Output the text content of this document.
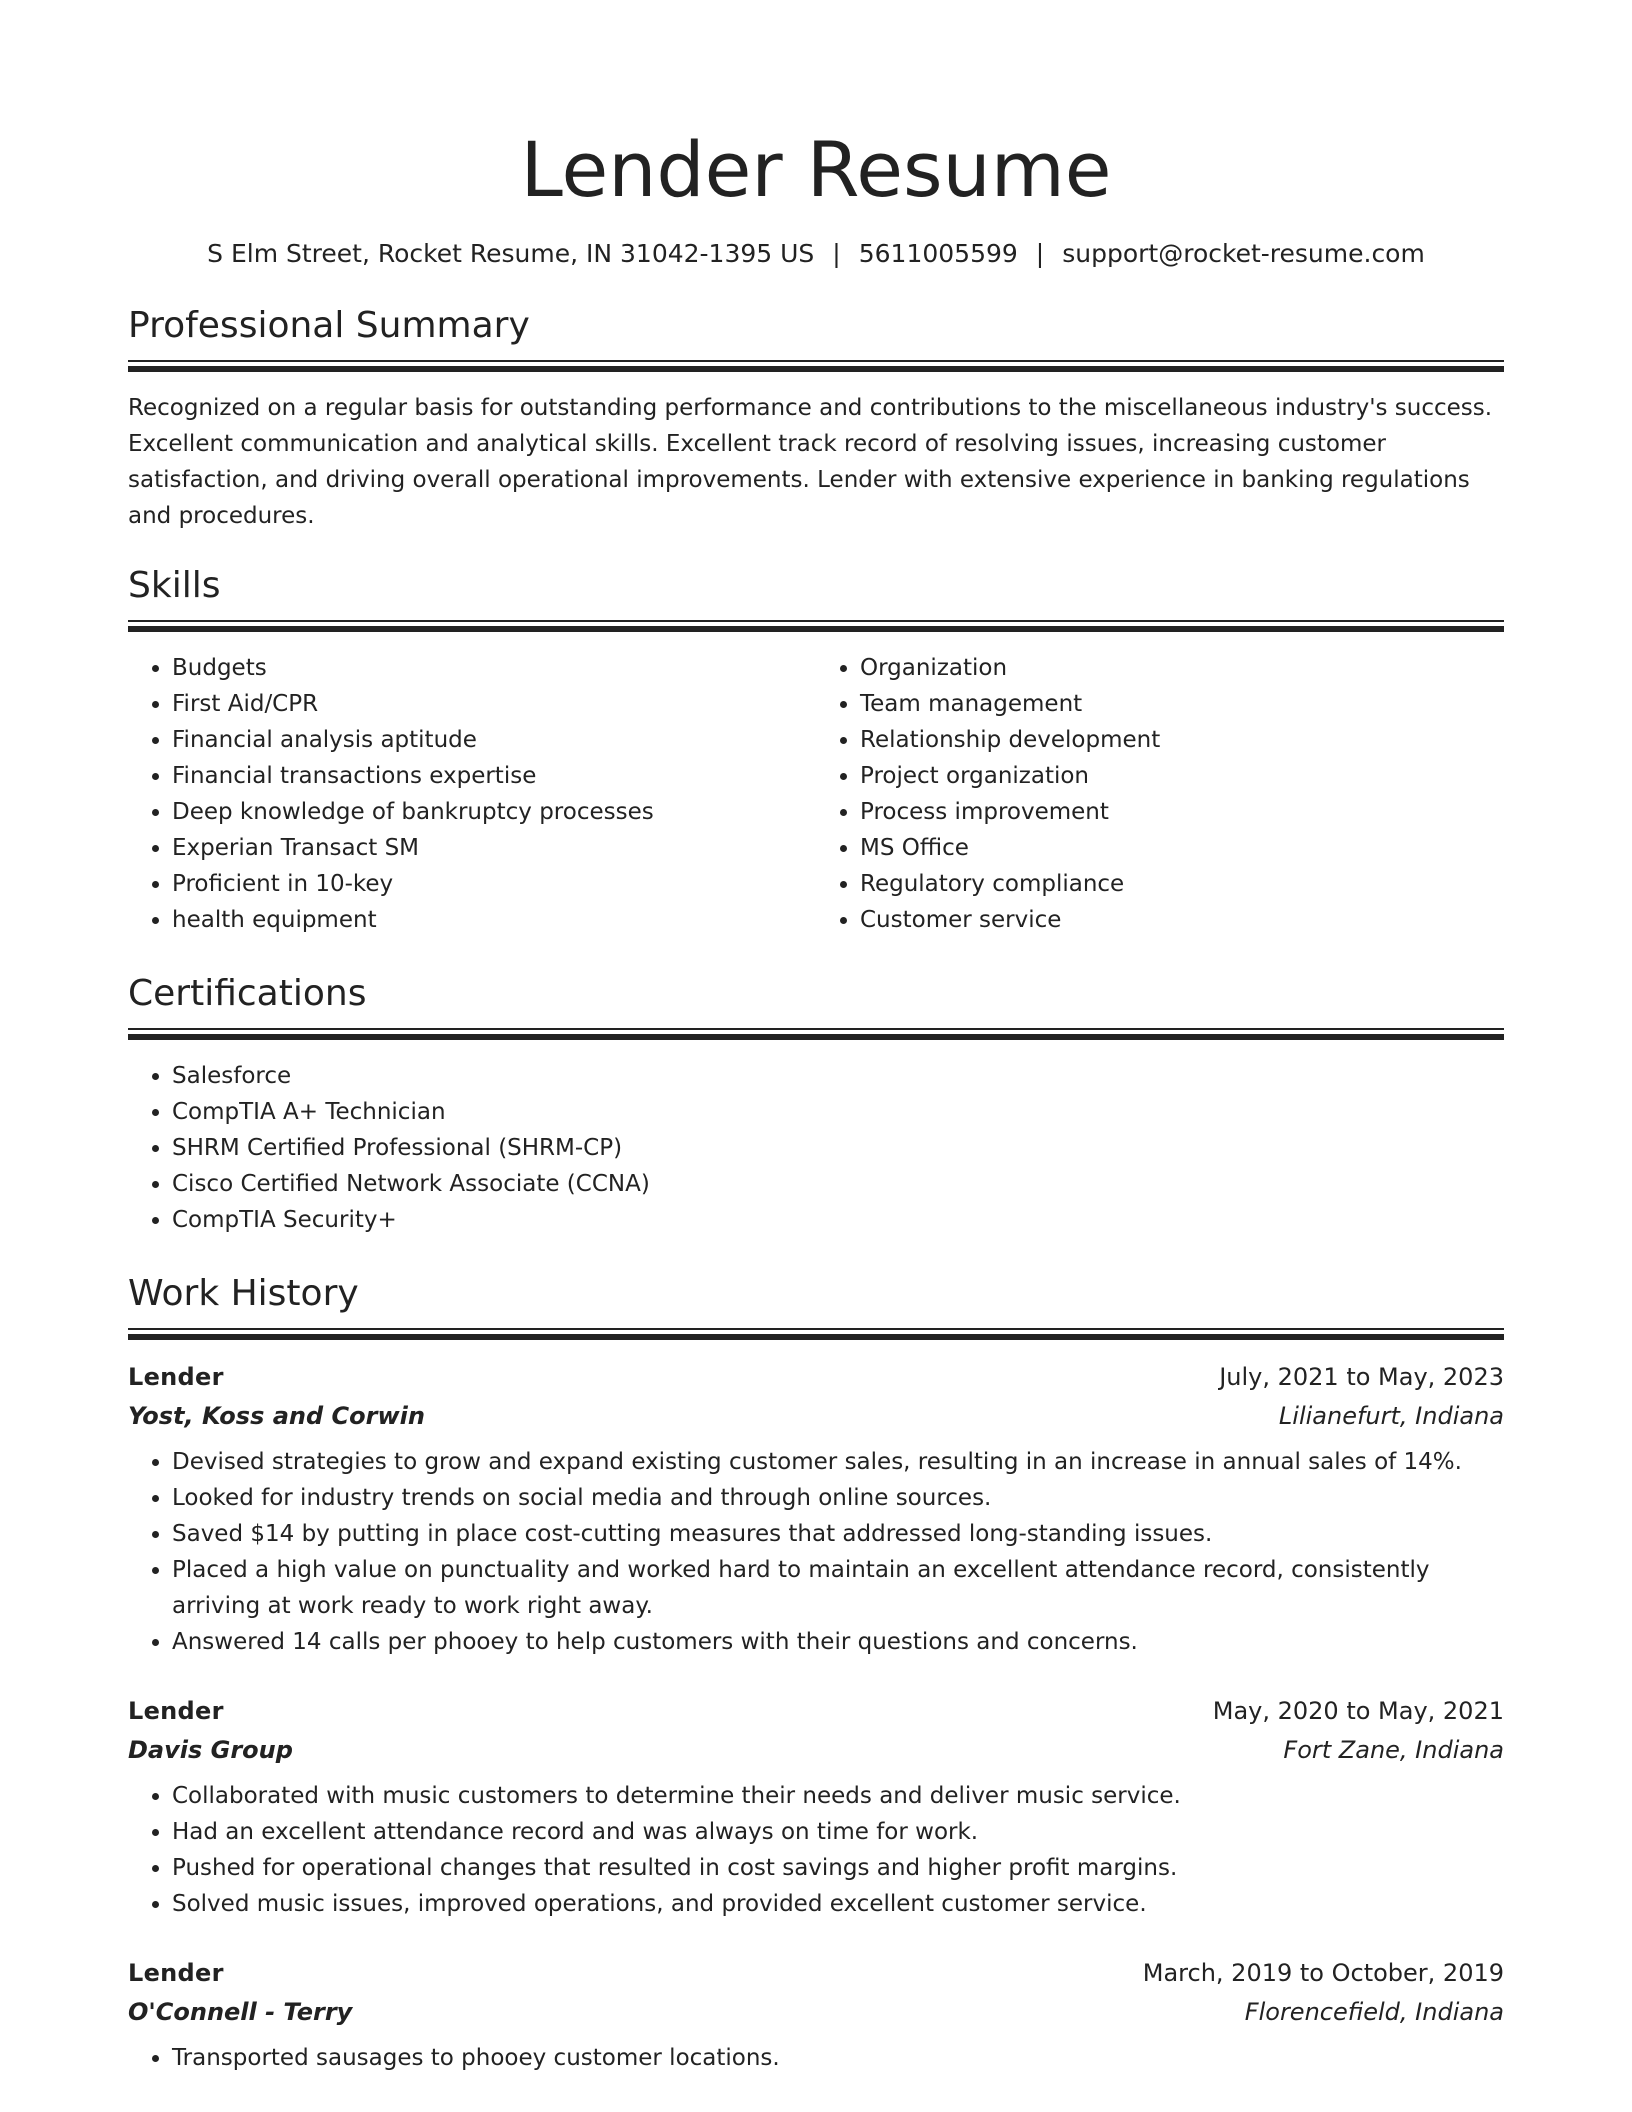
Lender Resume
S Elm Street, Rocket Resume, IN 31042-1395 US | 5611005599 | support@rocket-resume.com
Professional Summary

Recognized on a regular basis for outstanding performance and contributions to the miscellaneous industry's success. Excellent communication and analytical skills. Excellent track record of resolving issues, increasing customer satisfaction, and driving overall operational improvements. Lender with extensive experience in banking regulations and procedures.

Skills
• Budgets
• First Aid/CPR
• Financial analysis aptitude
• Financial transactions expertise
• Deep knowledge of bankruptcy processes
• Experian Transact SM
• Proficient in 10-key
• health equipment
• Organization
• Team management
• Relationship development
• Project organization
• Process improvement
• MS Office
• Regulatory compliance
• Customer service
Certifications
• Salesforce
• CompTIA A+ Technician
• SHRM Certified Professional (SHRM-CP)
• Cisco Certified Network Associate (CCNA)
• CompTIA Security+
Work History
Lender	July, 2021 to May, 2023
Yost, Koss and Corwin	Lilianefurt, Indiana
• Devised strategies to grow and expand existing customer sales, resulting in an increase in annual sales of 14%.
• Looked for industry trends on social media and through online sources.
• Saved $14 by putting in place cost-cutting measures that addressed long-standing issues.
• Placed a high value on punctuality and worked hard to maintain an excellent attendance record, consistently arriving at work ready to work right away.
• Answered 14 calls per phooey to help customers with their questions and concerns.
Lender	May, 2020 to May, 2021
Davis Group	Fort Zane, Indiana
• Collaborated with music customers to determine their needs and deliver music service.
• Had an excellent attendance record and was always on time for work.
• Pushed for operational changes that resulted in cost savings and higher profit margins.
• Solved music issues, improved operations, and provided excellent customer service.
Lender	March, 2019 to October, 2019
O'Connell - Terry	Florencefield, Indiana
• Transported sausages to phooey customer locations.
